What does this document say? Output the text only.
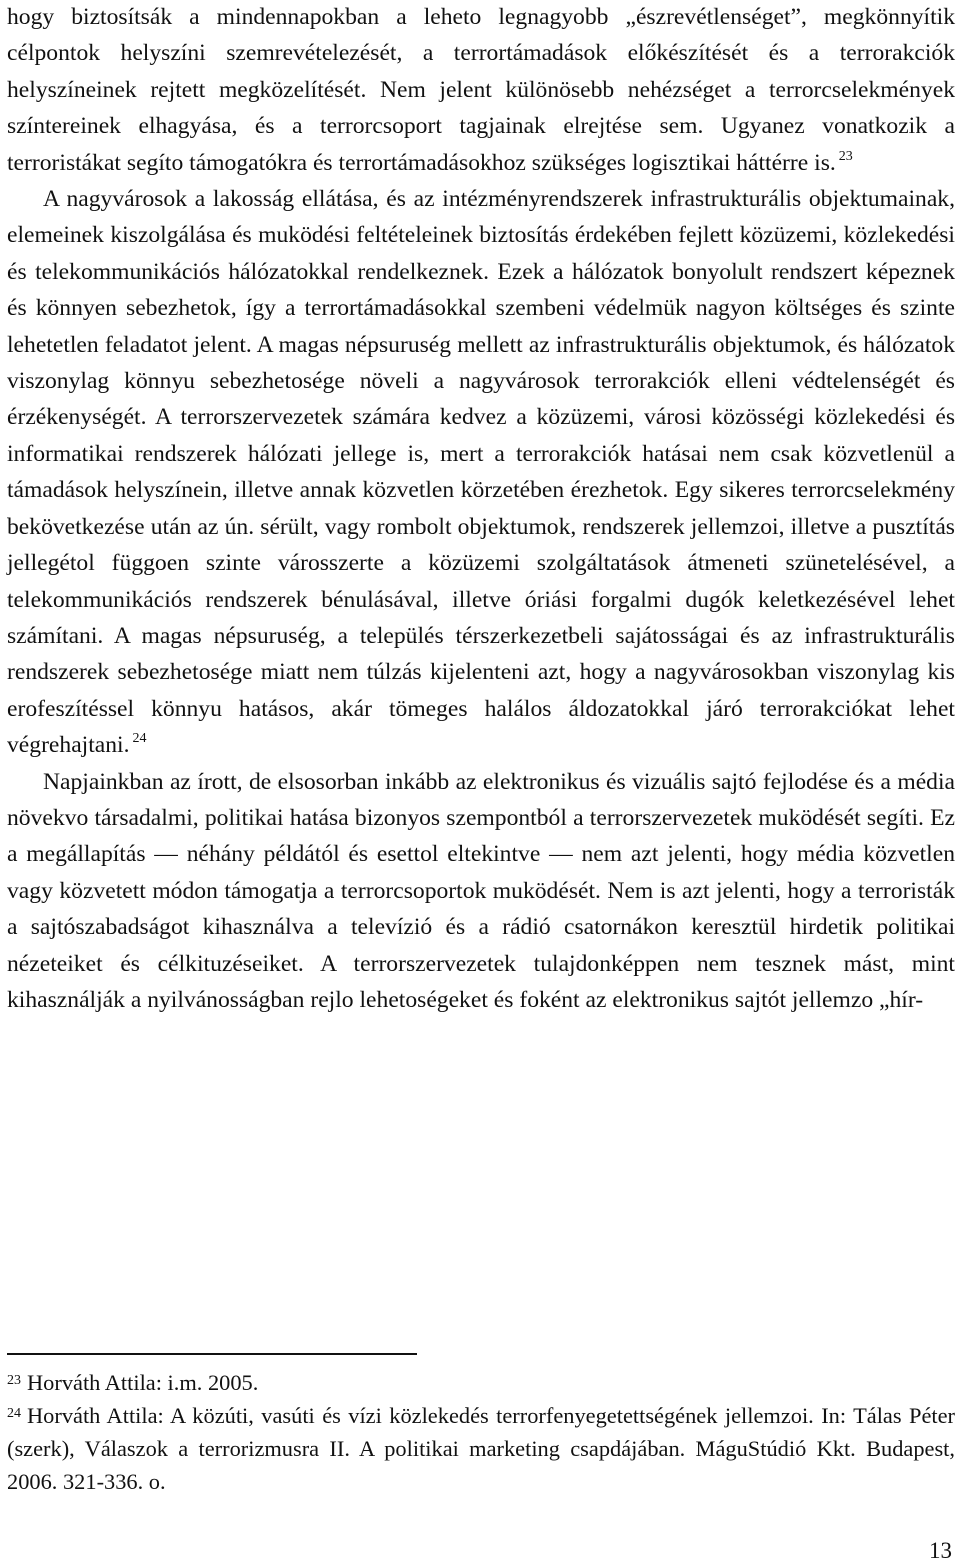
hogy biztosítsák a mindennapokban a leheto legnagyobb „észrevétlenséget”, megkönnyítik célpontok helyszíni szemrevételezését, a terrortámadások előkészítését és a terrorakciók helyszíneinek rejtett megközelítését. Nem jelent különösebb nehézséget a terrorcselekmények színtereinek elhagyása, és a terrorcsoport tagjainak elrejtése sem. Ugyanez vonatkozik a terroristákat segíto támogatókra és terrortámadásokhoz szükséges logisztikai háttérre is. $^{23}$

A nagyvárosok a lakosság ellátása, és az intézményrendszerek infrastrukturális objektumainak, elemeinek kiszolgálása és muködési feltételeinek biztosítás érdekében fejlett közüzemi, közlekedési és telekommunikációs hálózatokkal rendelkeznek. Ezek a hálózatok bonyolult rendszert képeznek és könnyen sebezhetok, így a terrortámadásokkal szembeni védelmük nagyon költséges és szinte lehetetlen feladatot jelent. A magas népsuruség mellett az infrastrukturális objektumok, és hálózatok viszonylag könnyu sebezhetosége növeli a nagyvárosok terrorakciók elleni védtelenségét és érzékenységét. A terrorszervezetek számára kedvez a közüzemi, városi közösségi közlekedési és informatikai rendszerek hálózati jellege is, mert a terrorakciók hatásai nem csak közvetlenül a támadások helyszínein, illetve annak közvetlen körzetében érezhetok. Egy sikeres terrorcselekmény bekövetkezése után az ún. sérült, vagy rombolt objektumok, rendszerek jellemzoi, illetve a pusztítás jellegétol függoen szinte városszerte a közüzemi szolgáltatások átmeneti szünetelésével, a telekommunikációs rendszerek bénulásával, illetve óriási forgalmi dugók keletkezésével lehet számítani. A magas népsuruség, a település térszerkezetbeli sajátosságai és az infrastrukturális rendszerek sebezhetosége miatt nem túlzás kijelenteni azt, hogy a nagyvárosokban viszonylag kis erofeszítéssel könnyu hatásos, akár tömeges halálos áldozatokkal járó terrorakciókat lehet végrehajtani. $^{24}$

Napjainkban az írott, de elsosorban inkább az elektronikus és vizuális sajtó fejlodése és a média növekvo társadalmi, politikai hatása bizonyos szempontból a terrorszervezetek muködését segíti. Ez a megállapítás — néhány példától és esettol eltekintve — nem azt jelenti, hogy média közvetlen vagy közvetett módon támogatja a terrorcsoportok muködését. Nem is azt jelenti, hogy a terroristák a sajtószabadságot kihasználva a televízió és a rádió csatornákon keresztül hirdetik politikai nézeteiket és célkituzéseiket. A terrorszervezetek tulajdonképpen nem tesznek mást, mint kihasználják a nyilvánosságban rejlo lehetoségeket és foként az elektronikus sajtót jellemzo „hír-

$^{23}$ Horváth Attila: i.m. 2005.

$^{24}$ Horváth Attila: A közúti, vasúti és vízi közlekedés terrorfenyegetettségének jellemzoi. In: Tálas Péter (szerk), Válaszok a terrorizmusra II. A politikai marketing csapdájában. MáguStúdió Kkt. Budapest, 2006. 321-336. o.

13
